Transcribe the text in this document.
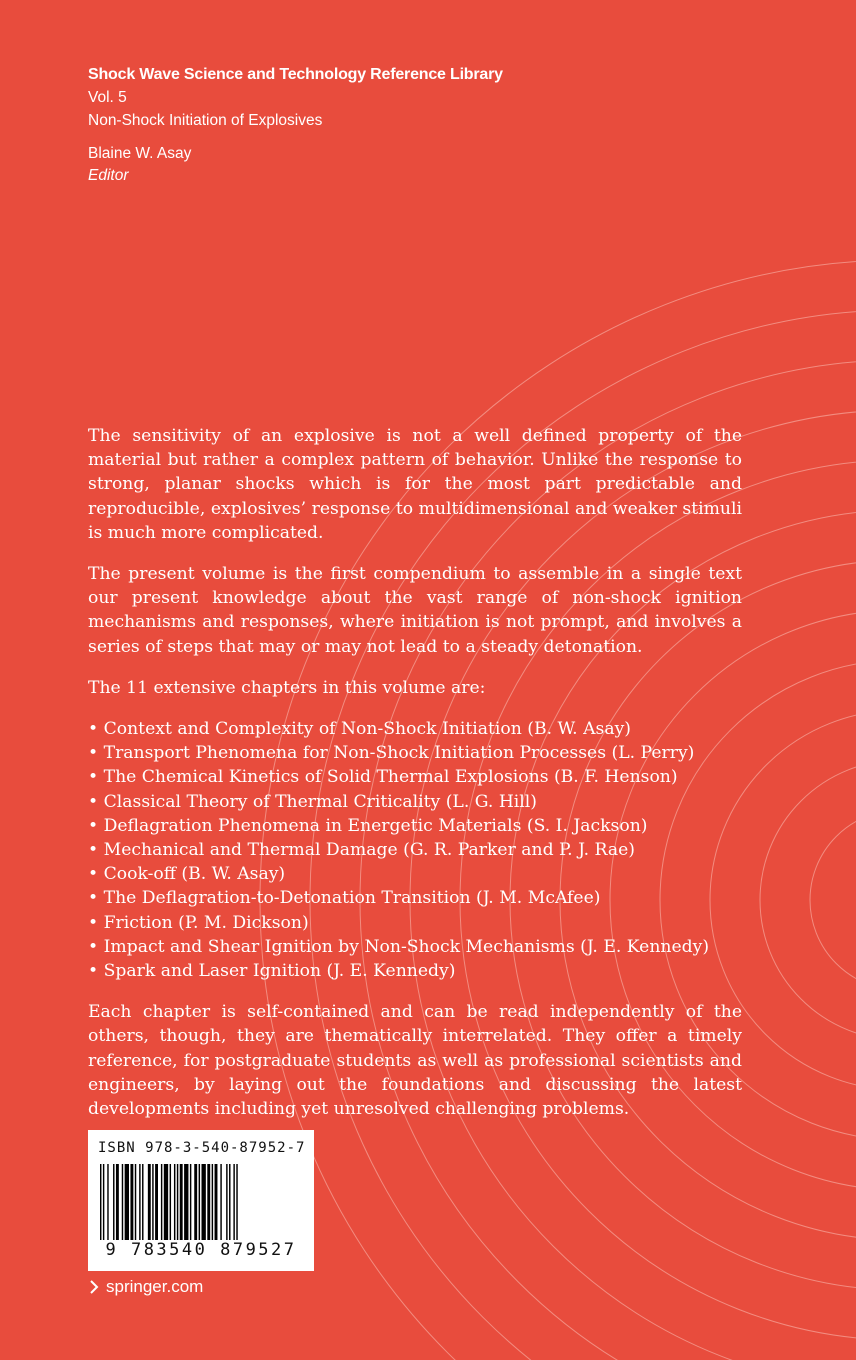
Shock Wave Science and Technology Reference Library
Vol. 5
Non-Shock Initiation of Explosives
Blaine W. Asay
Editor

The sensitivity of an explosive is not a well defined property of the material but rather a complex pattern of behavior. Unlike the response to strong, planar shocks which is for the most part predictable and reproducible, explosives’ response to multidimensional and weaker stimuli is much more complicated.

The present volume is the first compendium to assemble in a single text our present knowledge about the vast range of non-shock ignition mechanisms and responses, where initiation is not prompt, and involves a series of steps that may or may not lead to a steady detonation.

The 11 extensive chapters in this volume are:

• Context and Complexity of Non-Shock Initiation (B. W. Asay)
• Transport Phenomena for Non-Shock Initiation Processes (L. Perry)
• The Chemical Kinetics of Solid Thermal Explosions (B. F. Henson)
• Classical Theory of Thermal Criticality (L. G. Hill)
• Deflagration Phenomena in Energetic Materials (S. I. Jackson)
• Mechanical and Thermal Damage (G. R. Parker and P. J. Rae)
• Cook-off (B. W. Asay)
• The Deflagration-to-Detonation Transition (J. M. McAfee)
• Friction (P. M. Dickson)
• Impact and Shear Ignition by Non-Shock Mechanisms (J. E. Kennedy)
• Spark and Laser Ignition (J. E. Kennedy)

Each chapter is self-contained and can be read independently of the others, though, they are thematically interrelated. They offer a timely reference, for postgraduate students as well as professional scientists and engineers, by laying out the foundations and discussing the latest developments including yet unresolved challenging problems.

ISBN 978-3-540-87952-7
9 783540 879527
springer.com
